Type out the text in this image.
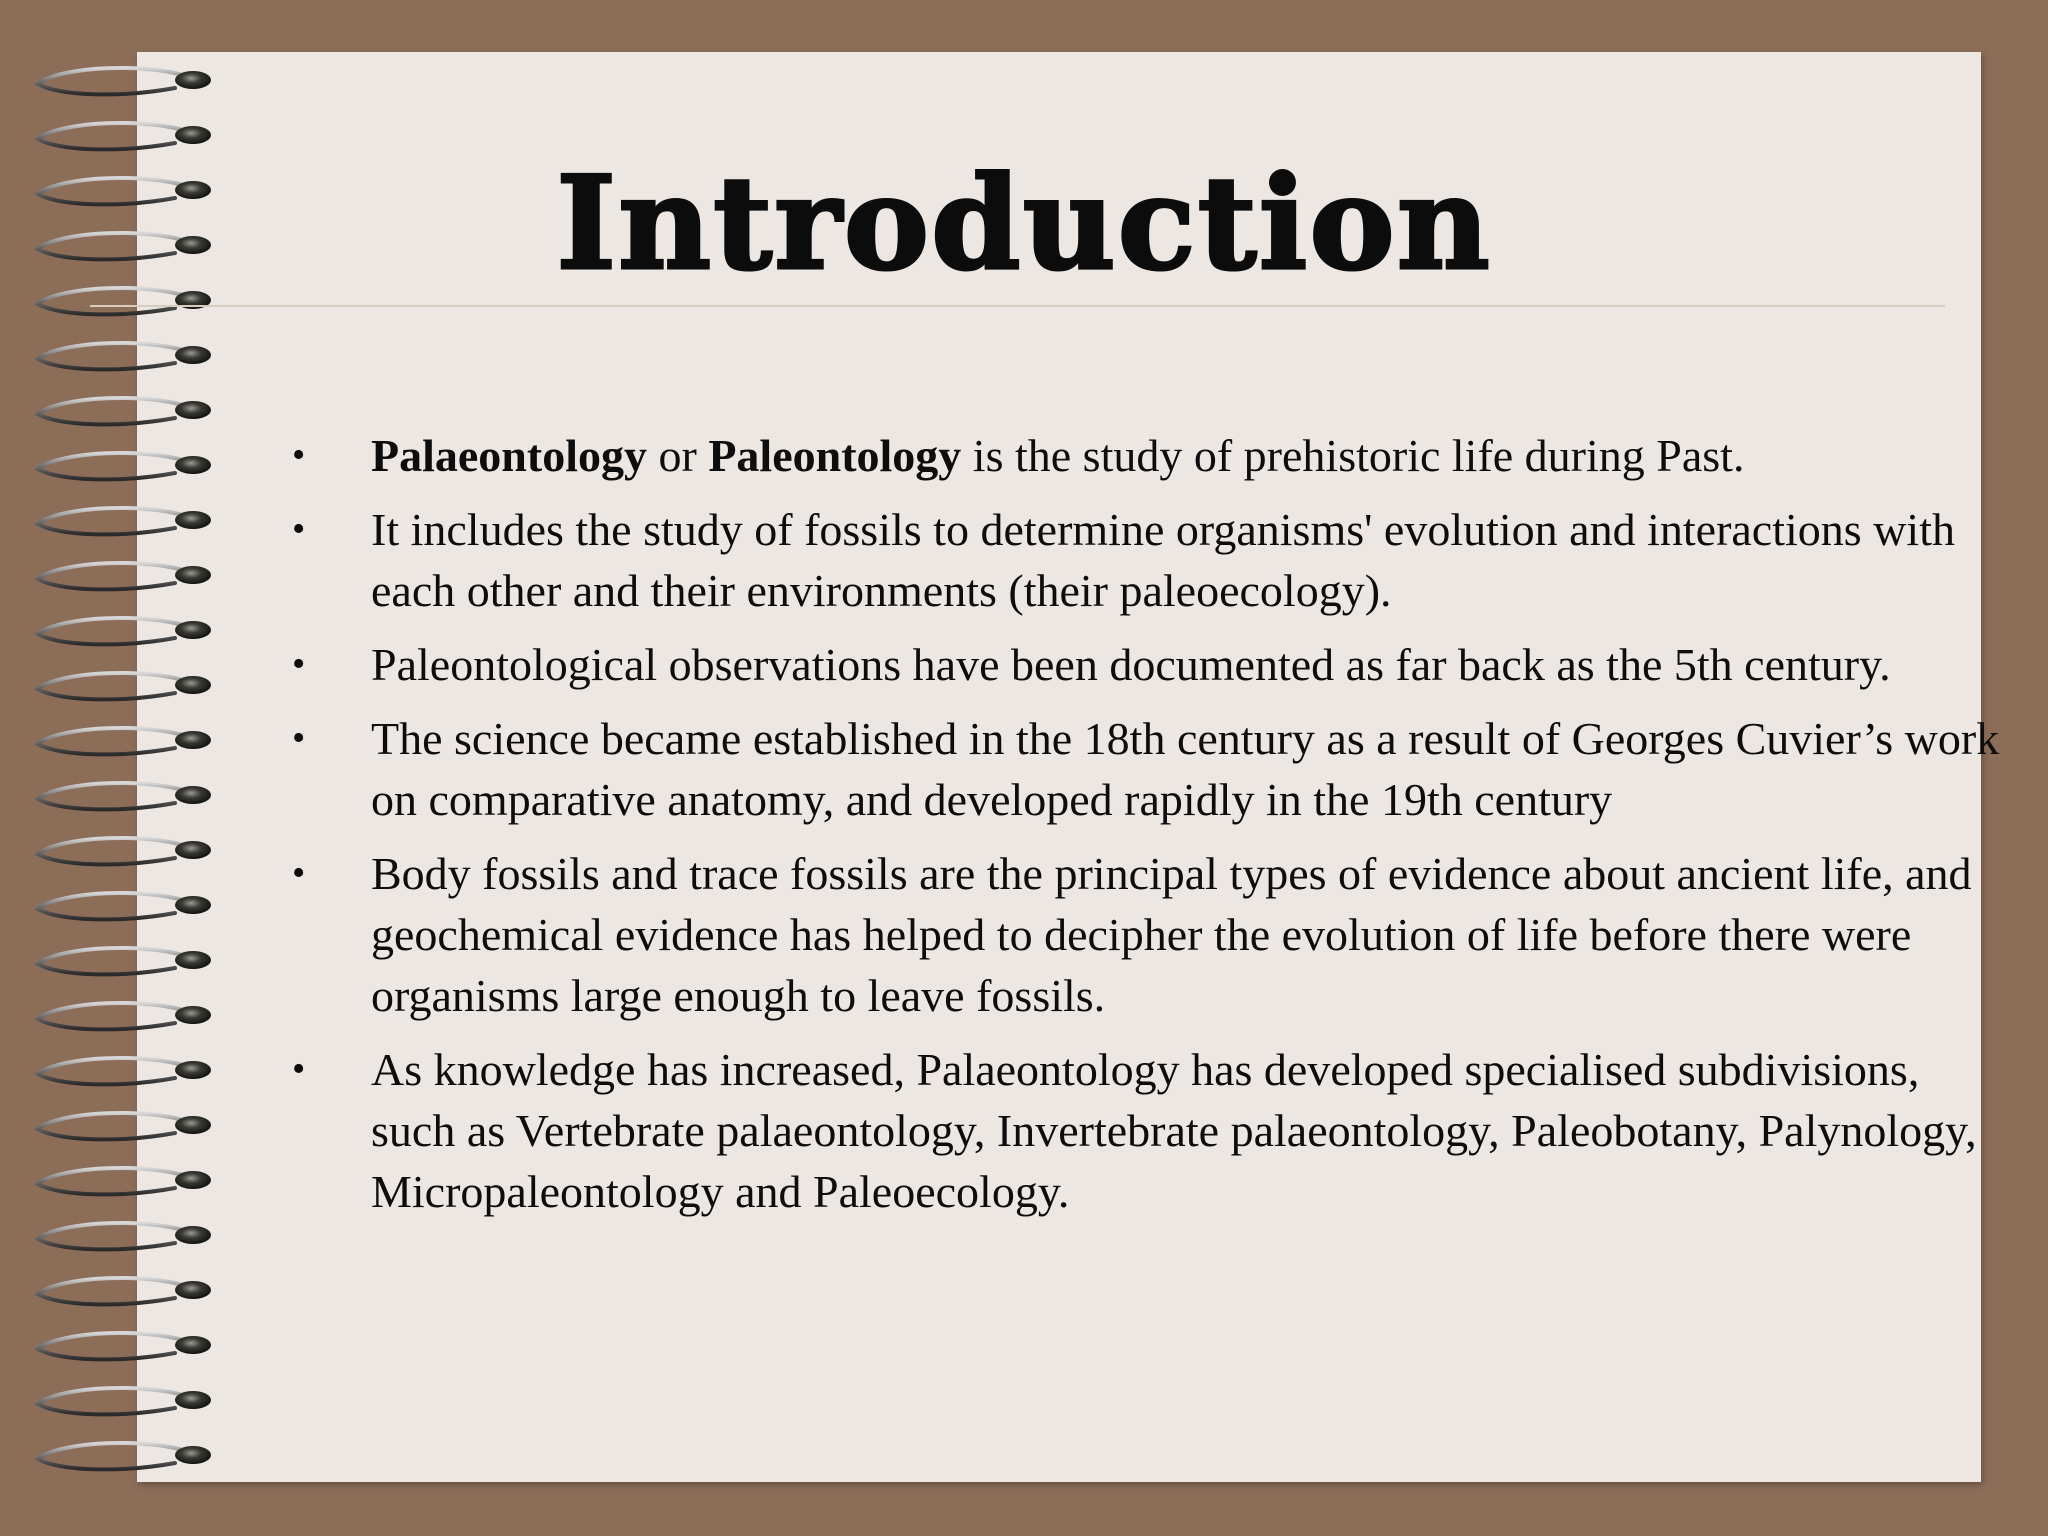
Introduction
• Palaeontology or Paleontology is the study of prehistoric life during Past.
• It includes the study of fossils to determine organisms' evolution and interactions with each other and their environments (their paleoecology).
• Paleontological observations have been documented as far back as the 5th century.
• The science became established in the 18th century as a result of Georges Cuvier’s work on comparative anatomy, and developed rapidly in the 19th century
• Body fossils and trace fossils are the principal types of evidence about ancient life, and geochemical evidence has helped to decipher the evolution of life before there were organisms large enough to leave fossils.
• As knowledge has increased, Palaeontology has developed specialised subdivisions, such as Vertebrate palaeontology, Invertebrate palaeontology, Paleobotany, Palynology, Micropaleontology and Paleoecology.
